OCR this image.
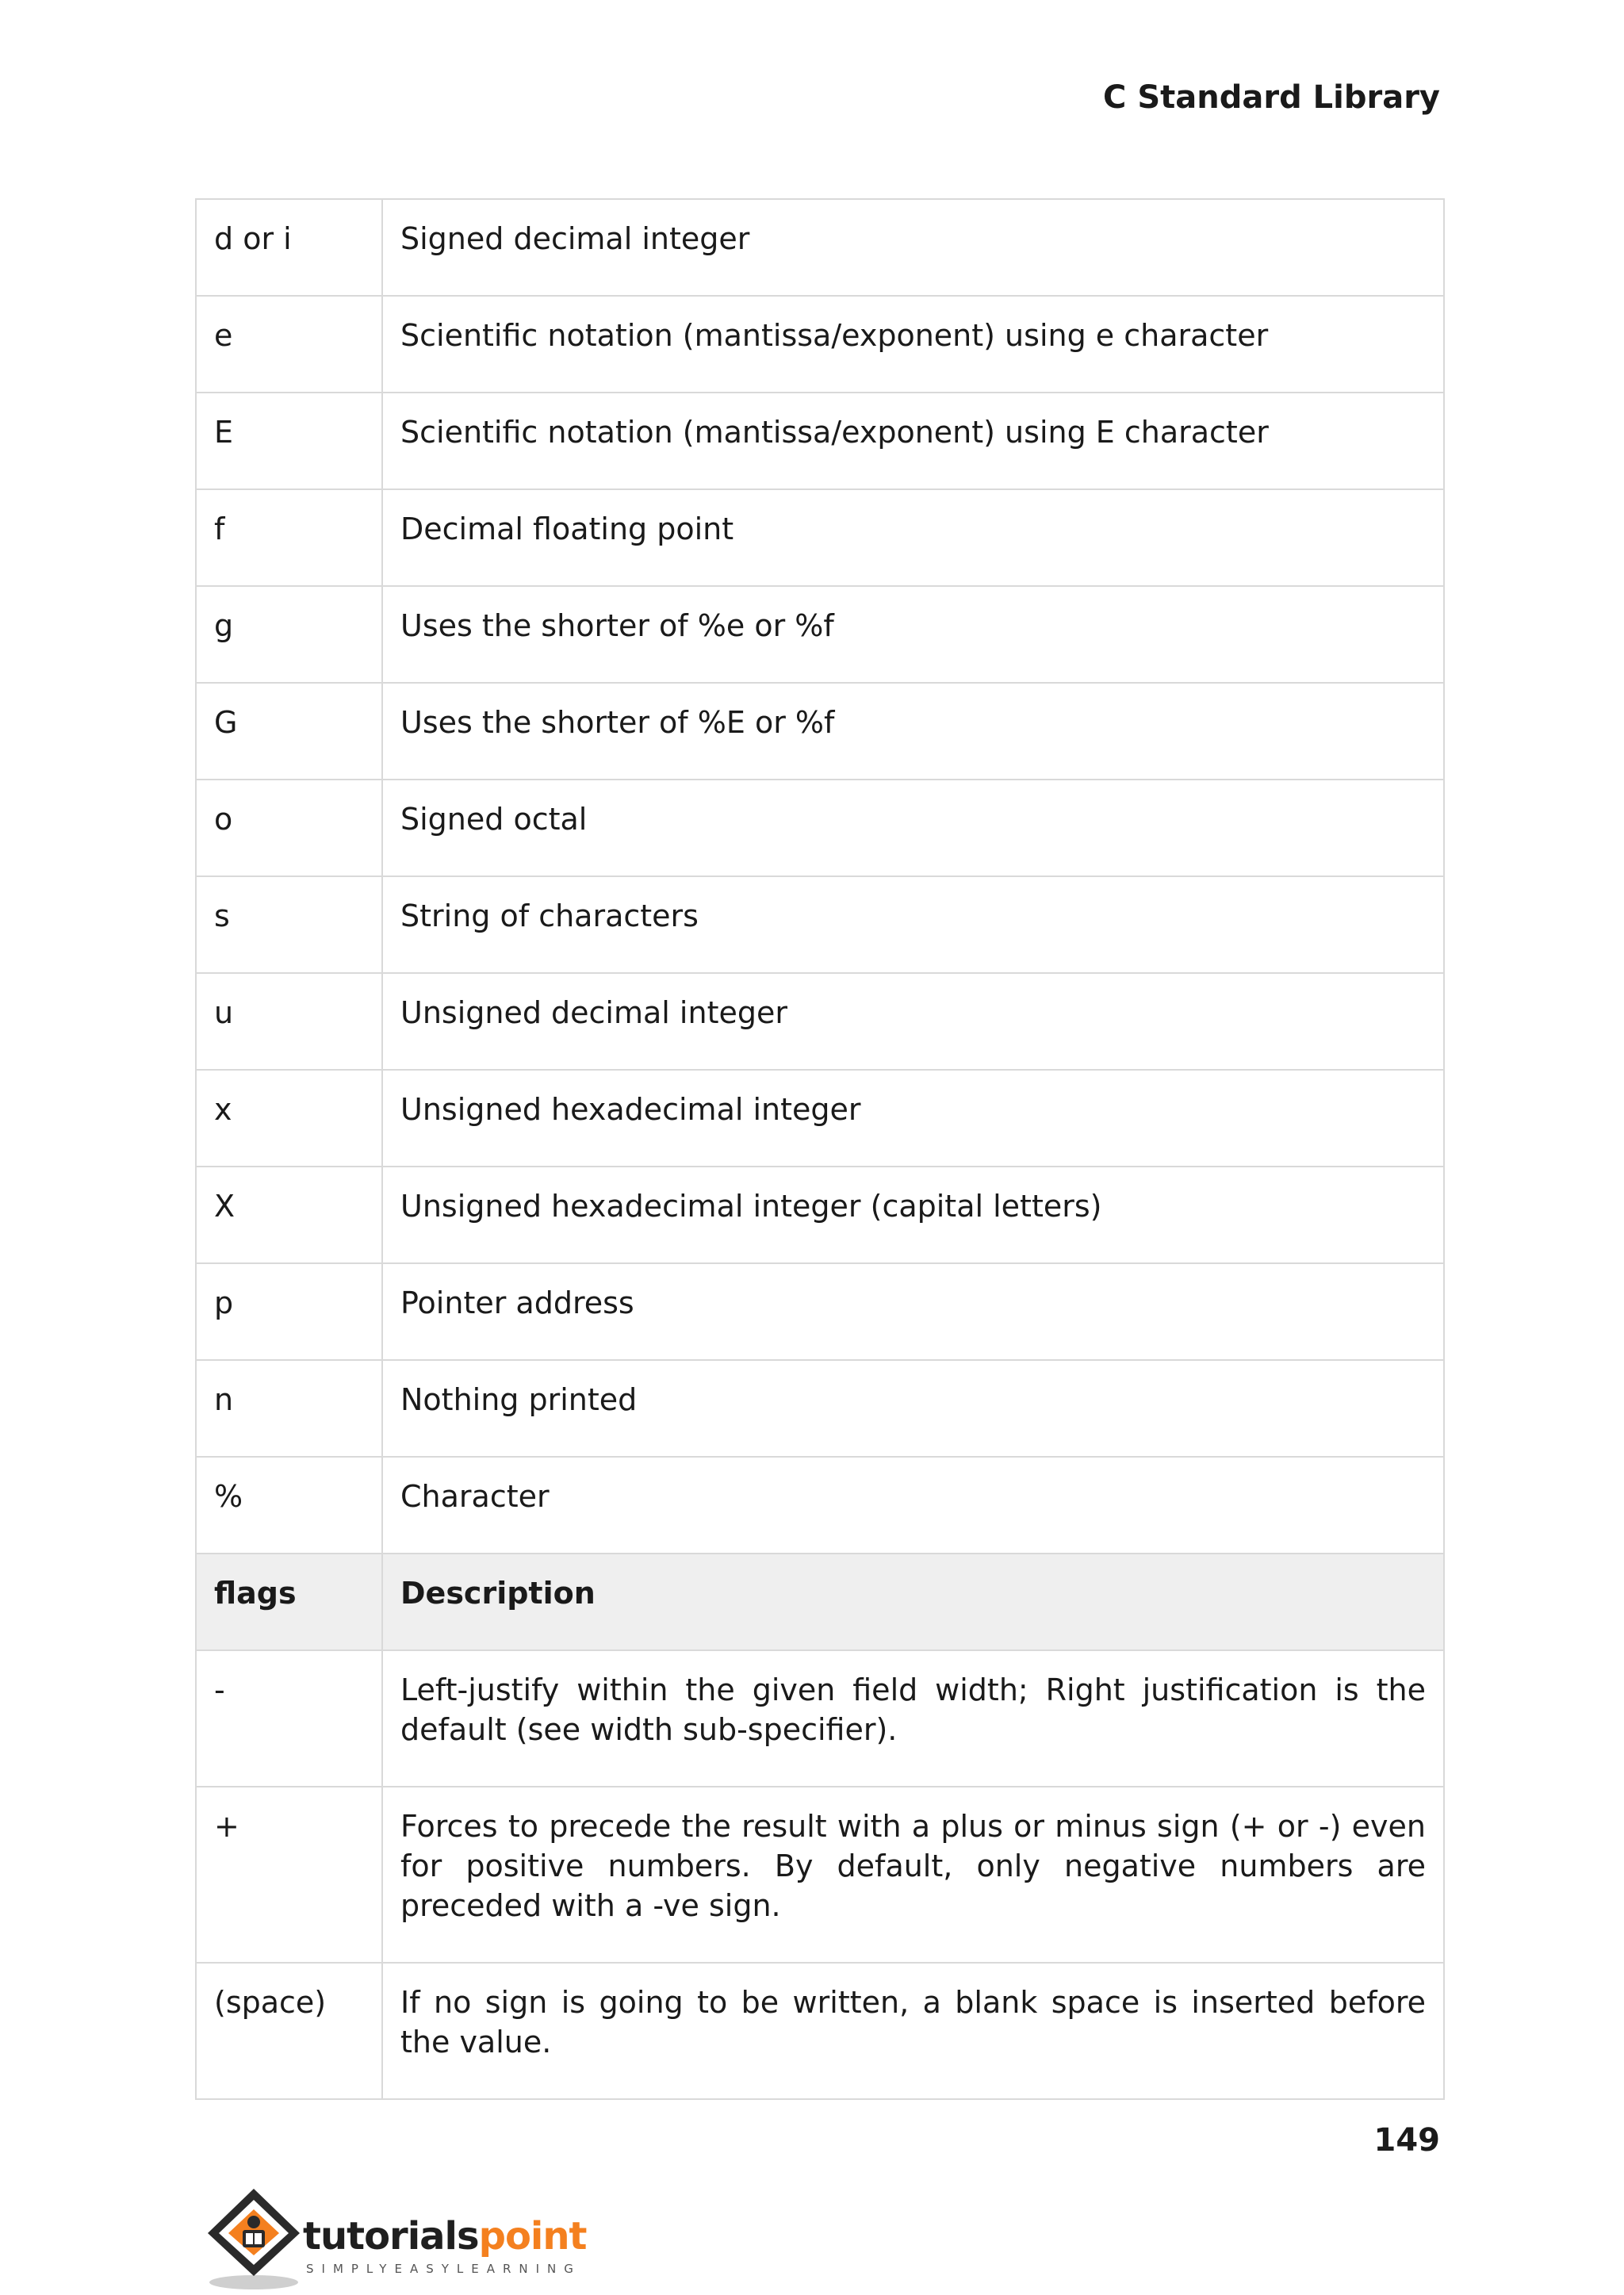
C Standard Library
d or i	Signed decimal integer
e	Scientific notation (mantissa/exponent) using e character
E	Scientific notation (mantissa/exponent) using E character
f	Decimal floating point
g	Uses the shorter of %e or %f
G	Uses the shorter of %E or %f
o	Signed octal
s	String of characters
u	Unsigned decimal integer
x	Unsigned hexadecimal integer
X	Unsigned hexadecimal integer (capital letters)
p	Pointer address
n	Nothing printed
%	Character
flags	Description
-	Left-justify within the given field width; Right justification is the default (see width sub-specifier).
+	Forces to precede the result with a plus or minus sign (+ or -) even for positive numbers. By default, only negative numbers are preceded with a -ve sign.
(space)	If no sign is going to be written, a blank space is inserted before the value.
149
tutorialspoint
SIMPLYEASYLEARNING
